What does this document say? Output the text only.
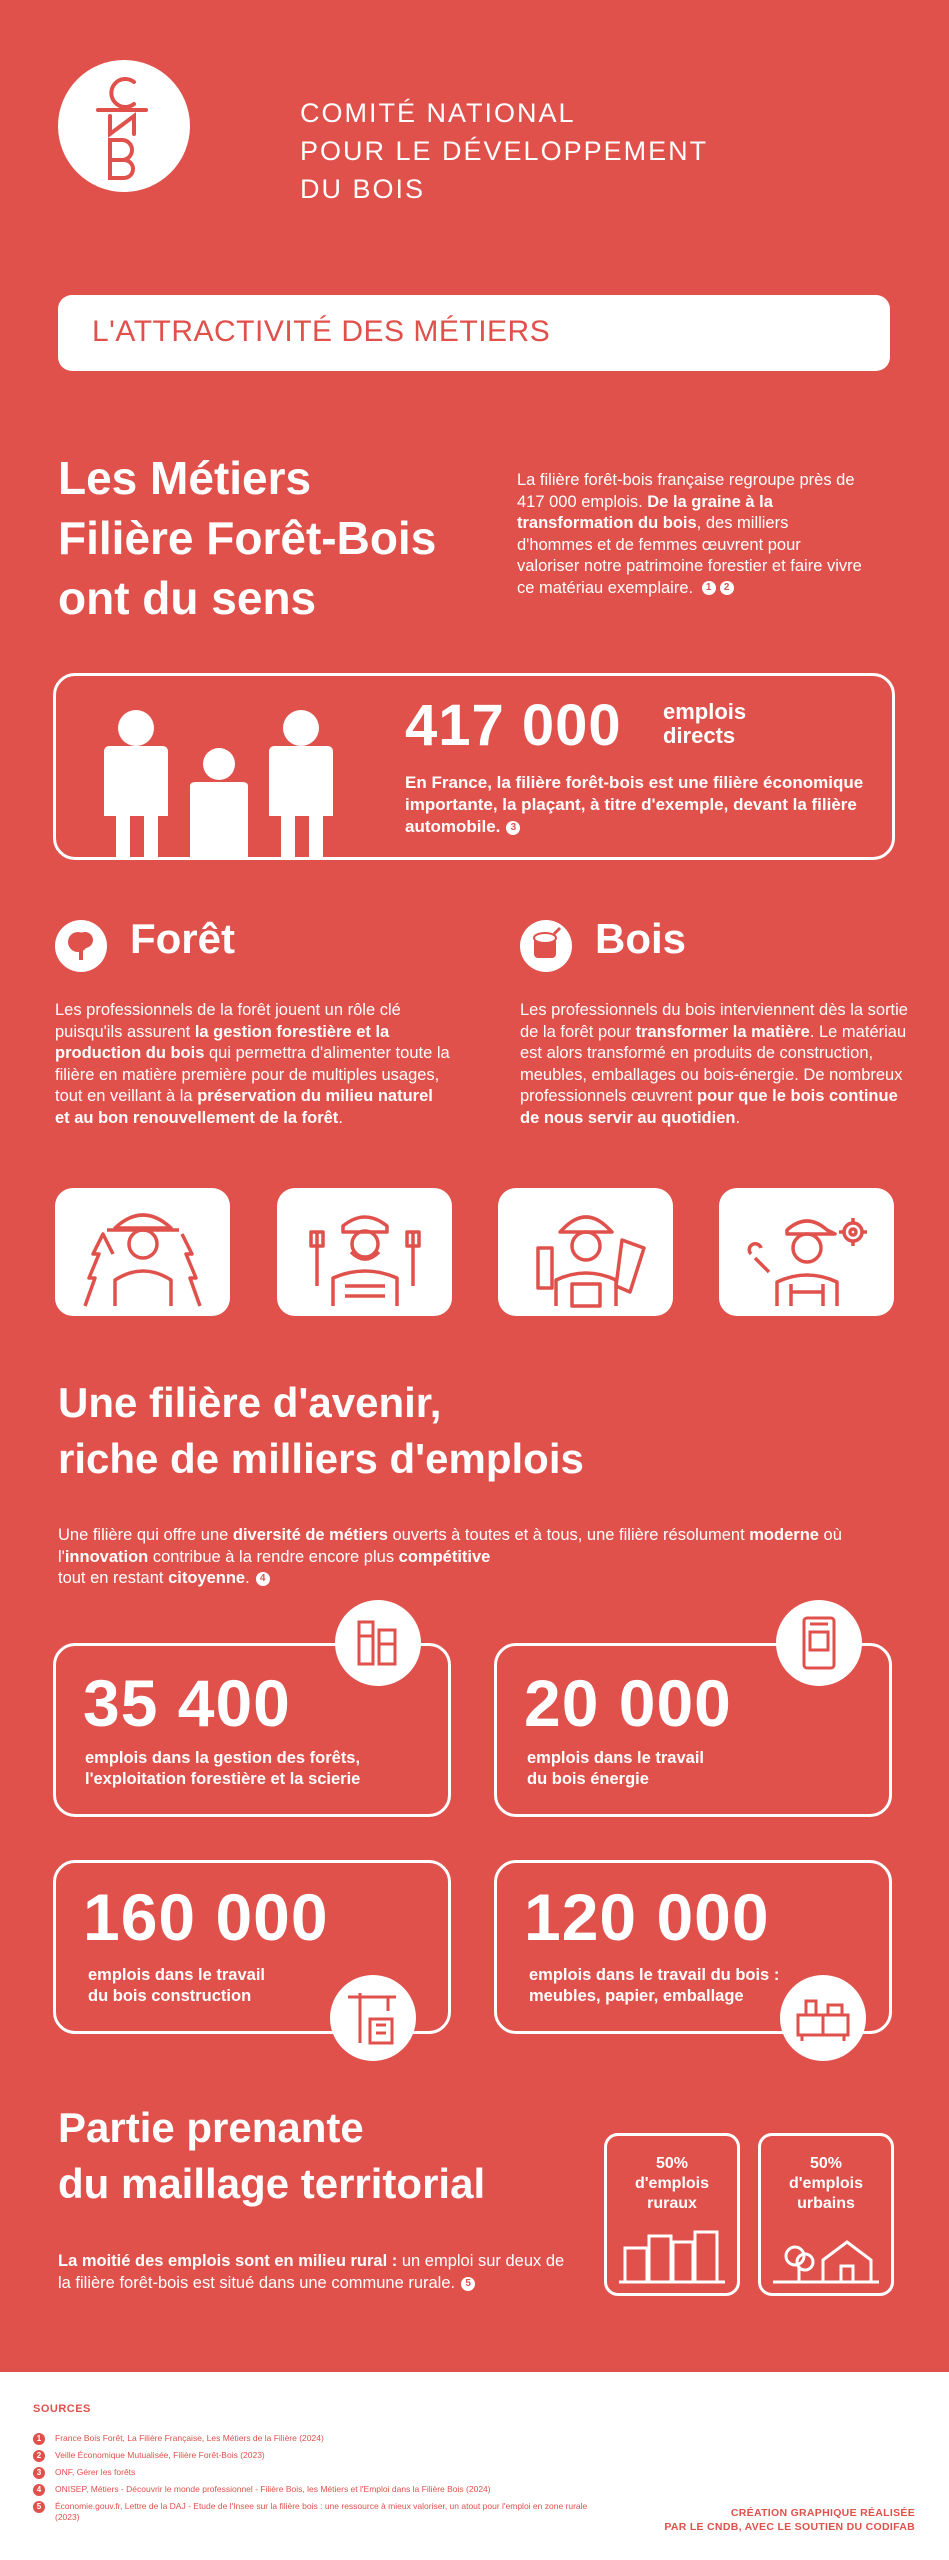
COMITÉ NATIONAL
POUR LE DÉVELOPPEMENT
DU BOIS
L'ATTRACTIVITÉ DES MÉTIERS
Les Métiers
Filière Forêt-Bois
ont du sens
La filière forêt-bois française regroupe près de 417 000 emplois. De la graine à la transformation du bois, des milliers d'hommes et de femmes œuvrent pour valoriser notre patrimoine forestier et faire vivre ce matériau exemplaire. 1 2
417 000 emplois
directs
En France, la filière forêt-bois est une filière économique importante, la plaçant, à titre d'exemple, devant la filière automobile. 3
Forêt
Les professionnels de la forêt jouent un rôle clé puisqu'ils assurent la gestion forestière et la production du bois qui permettra d'alimenter toute la filière en matière première pour de multiples usages, tout en veillant à la préservation du milieu naturel et au bon renouvellement de la forêt.
Bois
Les professionnels du bois interviennent dès la sortie de la forêt pour transformer la matière. Le matériau est alors transformé en produits de construction, meubles, emballages ou bois-énergie. De nombreux professionnels œuvrent pour que le bois continue de nous servir au quotidien.
Une filière d'avenir,
riche de milliers d'emplois
Une filière qui offre une diversité de métiers ouverts à toutes et à tous, une filière résolument moderne où l'innovation contribue à la rendre encore plus compétitive
tout en restant citoyenne. 4
35 400
emplois dans la gestion des forêts,
l'exploitation forestière et la scierie
20 000
emplois dans le travail
du bois énergie
160 000
emplois dans le travail
du bois construction
120 000
emplois dans le travail du bois :
meubles, papier, emballage
Partie prenante
du maillage territorial
La moitié des emplois sont en milieu rural : un emploi sur deux de la filière forêt-bois est situé dans une commune rurale. 5
50%
d'emplois
ruraux
50%
d'emplois
urbains
SOURCES
1	France Bois Forêt, La Filière Française, Les Métiers de la Filière (2024)
2	Veille Économique Mutualisée, Filière Forêt-Bois (2023)
3	ONF, Gérer les forêts
4	ONISEP, Métiers - Découvrir le monde professionnel - Filière Bois, les Métiers et l'Emploi dans la Filière Bois (2024)
5	Économie.gouv.fr, Lettre de la DAJ - Etude de l'Insee sur la filière bois : une ressource à mieux valoriser, un atout pour l'emploi en zone rurale (2023)	CRÉATION GRAPHIQUE RÉALISÉE
PAR LE CNDB, AVEC LE SOUTIEN DU CODIFAB
